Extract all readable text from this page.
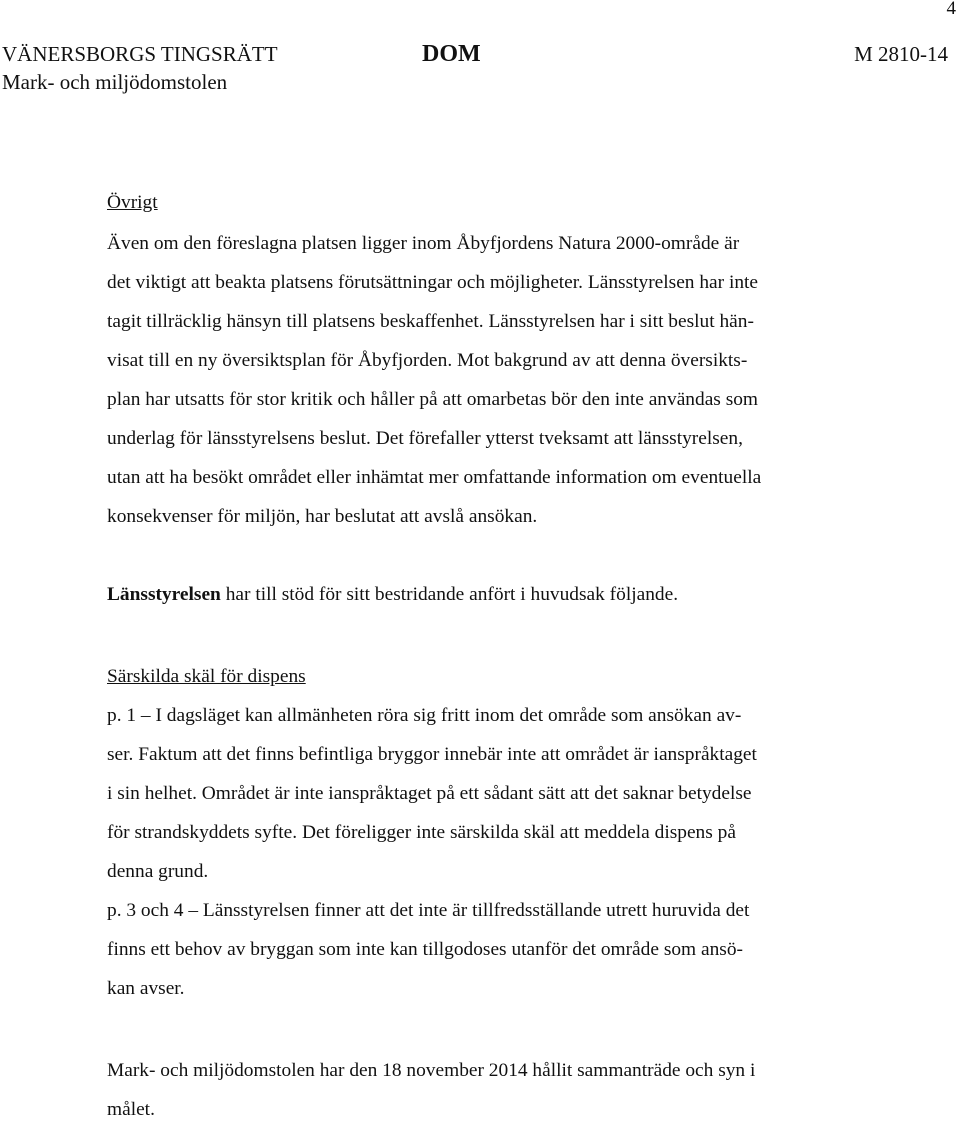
4
VÄNERSBORGS TINGSRÄTT
Mark- och miljödomstolen
DOM	M 2810-14
Övrigt
Även om den föreslagna platsen ligger inom Åbyfjordens Natura 2000-område är
det viktigt att beakta platsens förutsättningar och möjligheter. Länsstyrelsen har inte
tagit tillräcklig hänsyn till platsens beskaffenhet. Länsstyrelsen har i sitt beslut hän-
visat till en ny översiktsplan för Åbyfjorden. Mot bakgrund av att denna översikts-
plan har utsatts för stor kritik och håller på att omarbetas bör den inte användas som
underlag för länsstyrelsens beslut. Det förefaller ytterst tveksamt att länsstyrelsen,
utan att ha besökt området eller inhämtat mer omfattande information om eventuella
konsekvenser för miljön, har beslutat att avslå ansökan.
Länsstyrelsen har till stöd för sitt bestridande anfört i huvudsak följande.
Särskilda skäl för dispens
p. 1 – I dagsläget kan allmänheten röra sig fritt inom det område som ansökan av-
ser. Faktum att det finns befintliga bryggor innebär inte att området är ianspråktaget
i sin helhet. Området är inte ianspråktaget på ett sådant sätt att det saknar betydelse
för strandskyddets syfte. Det föreligger inte särskilda skäl att meddela dispens på
denna grund.
p. 3 och 4 – Länsstyrelsen finner att det inte är tillfredsställande utrett huruvida det
finns ett behov av bryggan som inte kan tillgodoses utanför det område som ansö-
kan avser.
Mark- och miljödomstolen har den 18 november 2014 hållit sammanträde och syn i
målet.
